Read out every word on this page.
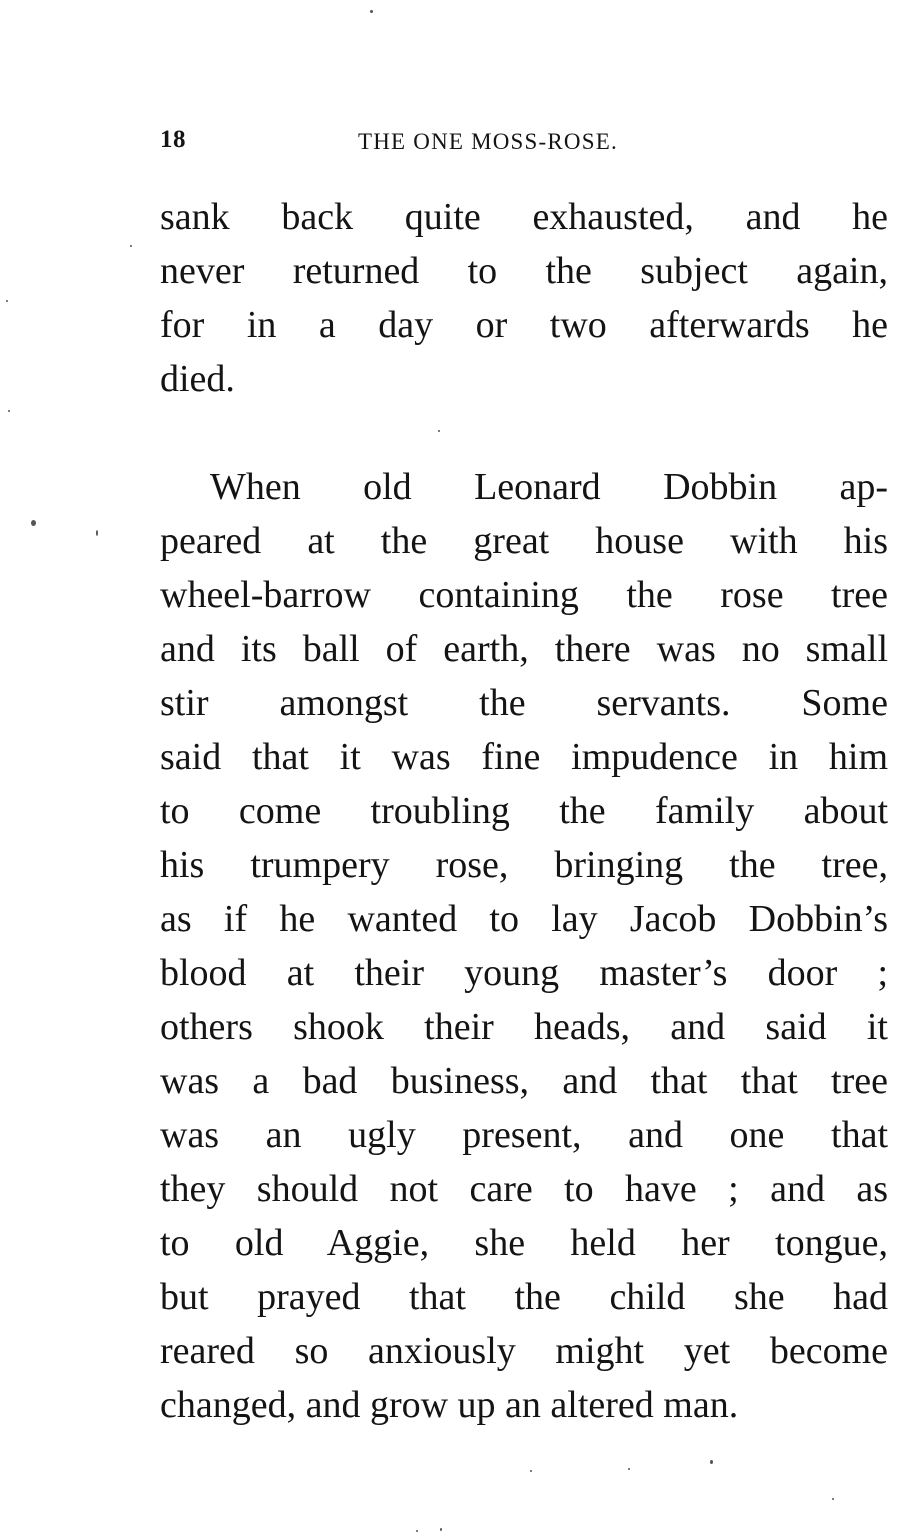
18	THE ONE MOSS-ROSE.
sank back quite exhausted, and he
never returned to the subject again,
for in a day or two afterwards he
died.
When old Leonard Dobbin ap-
peared at the great house with his
wheel-barrow containing the rose tree
and its ball of earth, there was no small
stir amongst the servants. Some
said that it was fine impudence in him
to come troubling the family about
his trumpery rose, bringing the tree,
as if he wanted to lay Jacob Dobbin’s
blood at their young master’s door ;
others shook their heads, and said it
was a bad business, and that that tree
was an ugly present, and one that
they should not care to have ; and as
to old Aggie, she held her tongue,
but prayed that the child she had
reared so anxiously might yet become
changed, and grow up an altered man.
